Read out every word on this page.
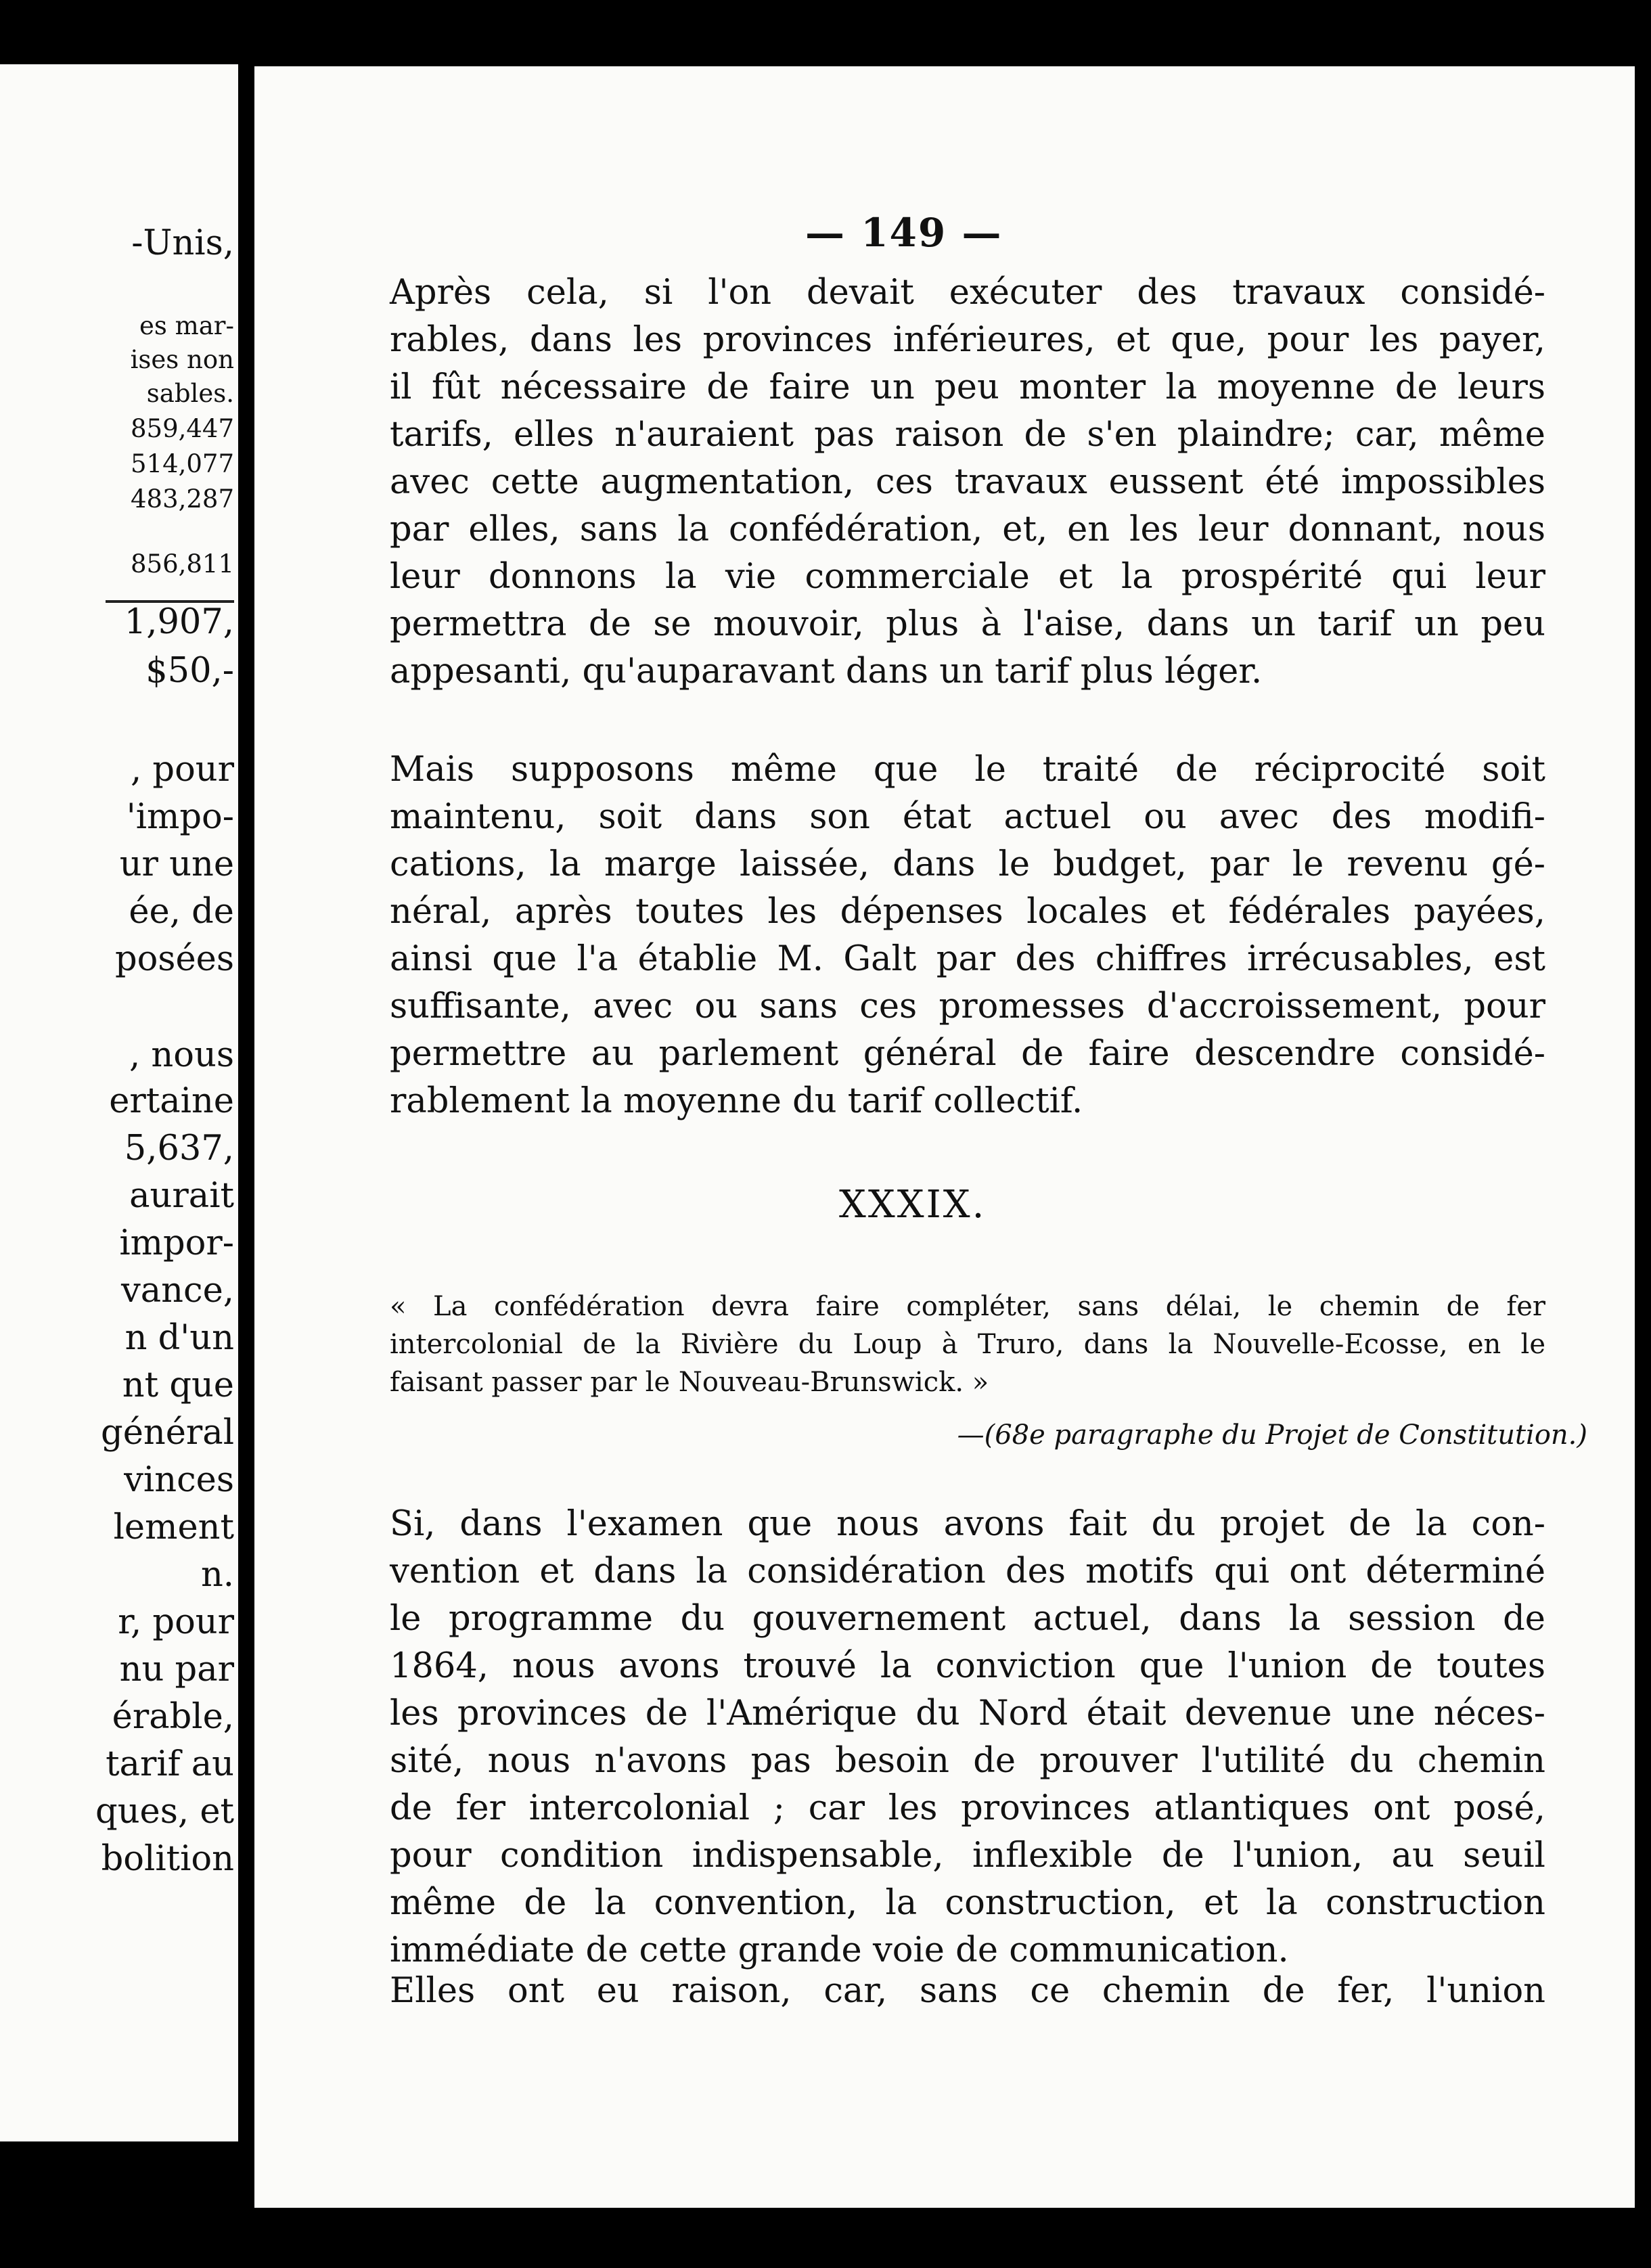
-Unis,
es mar-
ises non
sables.
859,447
514,077
483,287
856,811
1,907,
$50,-
, pour
'impo-
ur une
ée, de
posées
, nous
ertaine
5,637,
aurait
impor-
vance,
n d'un
nt que
général
vinces
lement
n.
r, pour
nu par
érable,
tarif au
ques, et
bolition
— 149 —
Après cela, si l'on devait exécuter des travaux considé-
rables, dans les provinces inférieures, et que, pour les payer,
il fût nécessaire de faire un peu monter la moyenne de leurs
tarifs, elles n'auraient pas raison de s'en plaindre; car, même
avec cette augmentation, ces travaux eussent été impossibles
par elles, sans la confédération, et, en les leur donnant, nous
leur donnons la vie commerciale et la prospérité qui leur
permettra de se mouvoir, plus à l'aise, dans un tarif un peu
appesanti, qu'auparavant dans un tarif plus léger.
Mais supposons même que le traité de réciprocité soit
maintenu, soit dans son état actuel ou avec des modifi-
cations, la marge laissée, dans le budget, par le revenu gé-
néral, après toutes les dépenses locales et fédérales payées,
ainsi que l'a établie M. Galt par des chiffres irrécusables, est
suffisante, avec ou sans ces promesses d'accroissement, pour
permettre au parlement général de faire descendre considé-
rablement la moyenne du tarif collectif.
XXXIX.
« La confédération devra faire compléter, sans délai, le chemin de fer
intercolonial de la Rivière du Loup à Truro, dans la Nouvelle-Ecosse, en le
faisant passer par le Nouveau-Brunswick. »
—(68e paragraphe du Projet de Constitution.)
Si, dans l'examen que nous avons fait du projet de la con-
vention et dans la considération des motifs qui ont déterminé
le programme du gouvernement actuel, dans la session de
1864, nous avons trouvé la conviction que l'union de toutes
les provinces de l'Amérique du Nord était devenue une néces-
sité, nous n'avons pas besoin de prouver l'utilité du chemin
de fer intercolonial ; car les provinces atlantiques ont posé,
pour condition indispensable, inflexible de l'union, au seuil
même de la convention, la construction, et la construction
immédiate de cette grande voie de communication.
Elles ont eu raison, car, sans ce chemin de fer, l'union
